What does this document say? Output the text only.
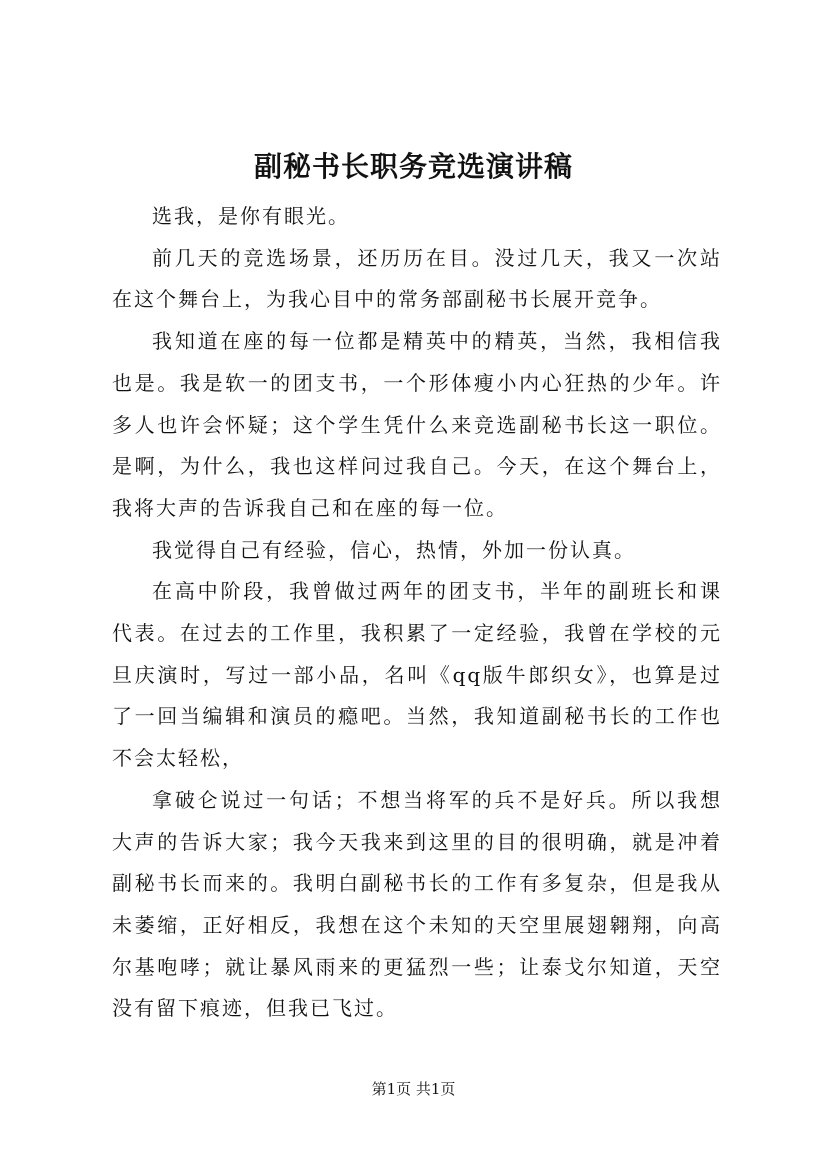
副秘书长职务竞选演讲稿

选我，是你有眼光。

前几天的竞选场景，还历历在目。没过几天，我又一次站在这个舞台上，为我心目中的常务部副秘书长展开竞争。

我知道在座的每一位都是精英中的精英，当然，我相信我也是。我是软一的团支书，一个形体瘦小内心狂热的少年。许多人也许会怀疑；这个学生凭什么来竞选副秘书长这一职位。是啊，为什么，我也这样问过我自己。今天，在这个舞台上，我将大声的告诉我自己和在座的每一位。

我觉得自己有经验，信心，热情，外加一份认真。

在高中阶段，我曾做过两年的团支书，半年的副班长和课代表。在过去的工作里，我积累了一定经验，我曾在学校的元旦庆演时，写过一部小品，名叫《qq版牛郎织女》，也算是过了一回当编辑和演员的瘾吧。当然，我知道副秘书长的工作也不会太轻松，

拿破仑说过一句话；不想当将军的兵不是好兵。所以我想大声的告诉大家；我今天我来到这里的目的很明确，就是冲着副秘书长而来的。我明白副秘书长的工作有多复杂，但是我从未萎缩，正好相反，我想在这个未知的天空里展翅翱翔，向高尔基咆哮；就让暴风雨来的更猛烈一些；让泰戈尔知道，天空没有留下痕迹，但我已飞过。

第1页 共1页
